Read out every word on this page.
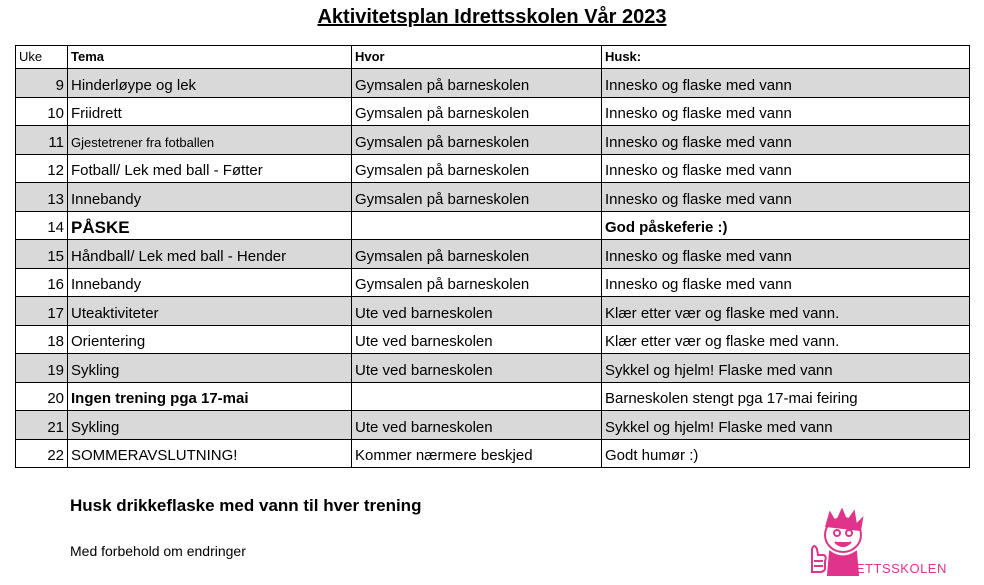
Aktivitetsplan Idrettsskolen Vår 2023
Uke	Tema	Hvor	Husk:
9	Hinderløype og lek	Gymsalen på barneskolen	Innesko og flaske med vann
10	Friidrett	Gymsalen på barneskolen	Innesko og flaske med vann
11	Gjestetrener fra fotballen	Gymsalen på barneskolen	Innesko og flaske med vann
12	Fotball/ Lek med ball - Føtter	Gymsalen på barneskolen	Innesko og flaske med vann
13	Innebandy	Gymsalen på barneskolen	Innesko og flaske med vann
14	PÅSKE		God påskeferie :)
15	Håndball/ Lek med ball - Hender	Gymsalen på barneskolen	Innesko og flaske med vann
16	Innebandy	Gymsalen på barneskolen	Innesko og flaske med vann
17	Uteaktiviteter	Ute ved barneskolen	Klær etter vær og flaske med vann.
18	Orientering	Ute ved barneskolen	Klær etter vær og flaske med vann.
19	Sykling	Ute ved barneskolen	Sykkel og hjelm! Flaske med vann
20	Ingen trening pga 17-mai		Barneskolen stengt pga 17-mai feiring
21	Sykling	Ute ved barneskolen	Sykkel og hjelm! Flaske med vann
22	SOMMERAVSLUTNING!	Kommer nærmere beskjed	Godt humør :)
Husk drikkeflaske med vann til hver trening
Med forbehold om endringer
IDRETTSSKOLEN
